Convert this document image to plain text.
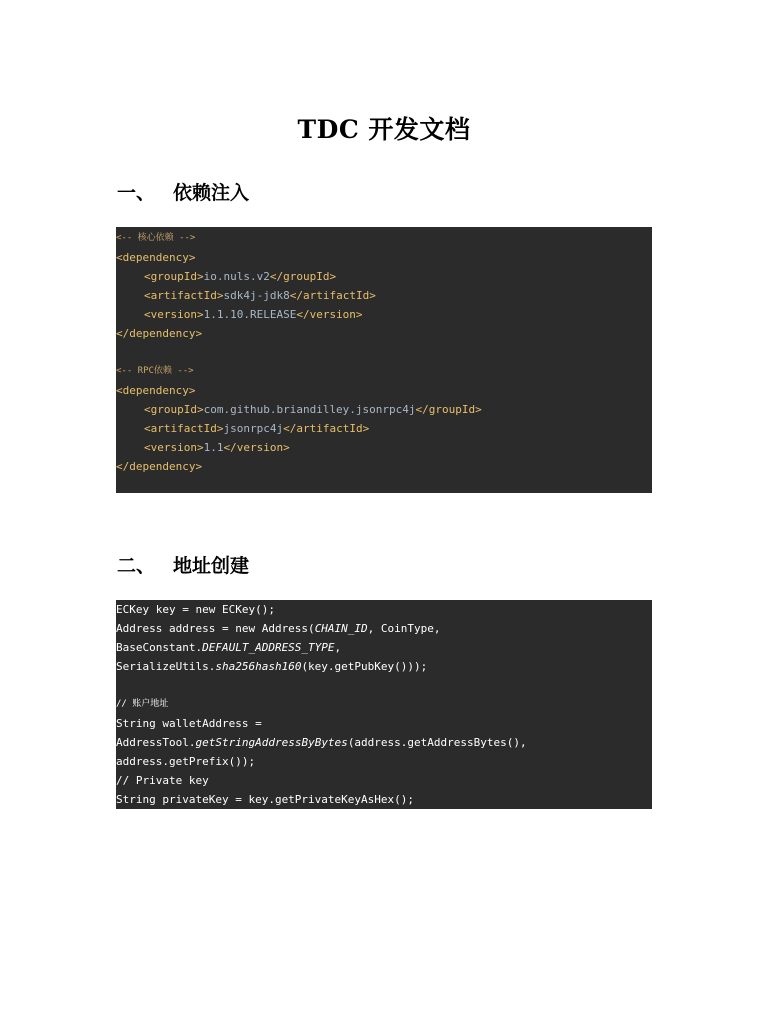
TDC 开发文档
一、 依赖注入
<-- 核心依赖 -->
<dependency>
<groupId>io.nuls.v2</groupId>
<artifactId>sdk4j-jdk8</artifactId>
<version>1.1.10.RELEASE</version>
</dependency>
<-- RPC依赖 -->
<dependency>
<groupId>com.github.briandilley.jsonrpc4j</groupId>
<artifactId>jsonrpc4j</artifactId>
<version>1.1</version>
</dependency>
二、 地址创建
ECKey key = new ECKey();
Address address = new Address(CHAIN_ID, CoinType,
BaseConstant.DEFAULT_ADDRESS_TYPE,
SerializeUtils.sha256hash160(key.getPubKey()));
// 账户地址
String walletAddress =
AddressTool.getStringAddressByBytes(address.getAddressBytes(),
address.getPrefix());
// Private key
String privateKey = key.getPrivateKeyAsHex();
